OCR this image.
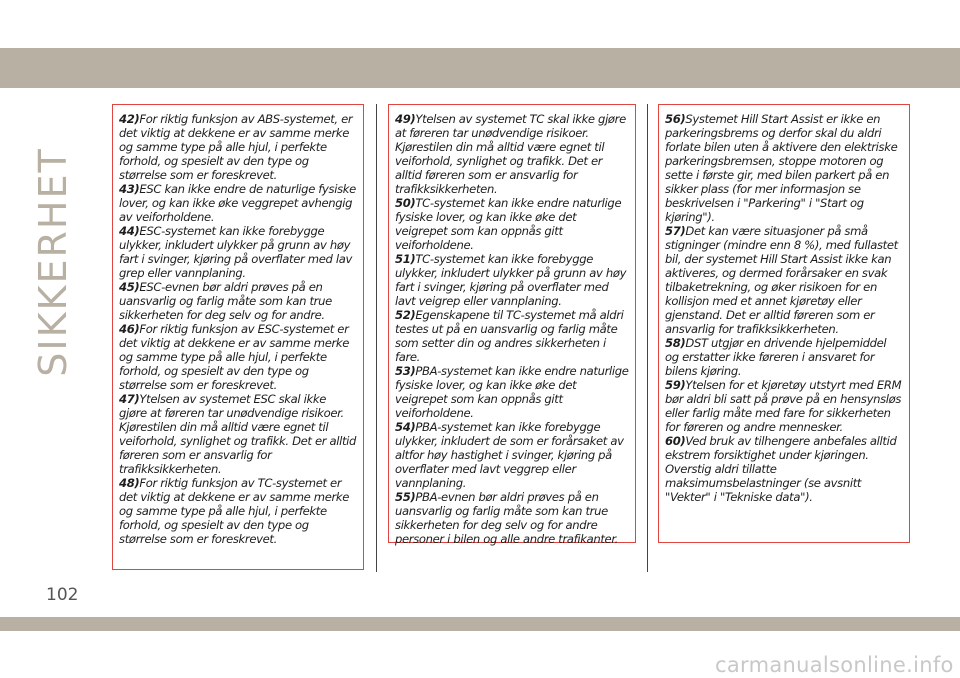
SIKKERHET

42)For riktig funksjon av ABS-systemet, er det viktig at dekkene er av samme merke og samme type på alle hjul, i perfekte forhold, og spesielt av den type og størrelse som er foreskrevet.

43)ESC kan ikke endre de naturlige fysiske lover, og kan ikke øke veggrepet avhengig av veiforholdene.

44)ESC-systemet kan ikke forebygge ulykker, inkludert ulykker på grunn av høy fart i svinger, kjøring på overflater med lav grep eller vannplaning.

45)ESC-evnen bør aldri prøves på en uansvarlig og farlig måte som kan true sikkerheten for deg selv og for andre.

46)For riktig funksjon av ESC-systemet er det viktig at dekkene er av samme merke og samme type på alle hjul, i perfekte forhold, og spesielt av den type og størrelse som er foreskrevet.

47)Ytelsen av systemet ESC skal ikke gjøre at føreren tar unødvendige risikoer. Kjørestilen din må alltid være egnet til veiforhold, synlighet og trafikk. Det er alltid føreren som er ansvarlig for trafikksikkerheten.

48)For riktig funksjon av TC-systemet er det viktig at dekkene er av samme merke og samme type på alle hjul, i perfekte forhold, og spesielt av den type og størrelse som er foreskrevet.

49)Ytelsen av systemet TC skal ikke gjøre at føreren tar unødvendige risikoer. Kjørestilen din må alltid være egnet til veiforhold, synlighet og trafikk. Det er alltid føreren som er ansvarlig for trafikksikkerheten.

50)TC-systemet kan ikke endre naturlige fysiske lover, og kan ikke øke det veigrepet som kan oppnås gitt veiforholdene.

51)TC-systemet kan ikke forebygge ulykker, inkludert ulykker på grunn av høy fart i svinger, kjøring på overflater med lavt veigrep eller vannplaning.

52)Egenskapene til TC-systemet må aldri testes ut på en uansvarlig og farlig måte som setter din og andres sikkerheten i fare.

53)PBA-systemet kan ikke endre naturlige fysiske lover, og kan ikke øke det veigrepet som kan oppnås gitt veiforholdene.

54)PBA-systemet kan ikke forebygge ulykker, inkludert de som er forårsaket av altfor høy hastighet i svinger, kjøring på overflater med lavt veggrep eller vannplaning.

55)PBA-evnen bør aldri prøves på en uansvarlig og farlig måte som kan true sikkerheten for deg selv og for andre personer i bilen og alle andre trafikanter.

56)Systemet Hill Start Assist er ikke en parkeringsbrems og derfor skal du aldri forlate bilen uten å aktivere den elektriske parkeringsbremsen, stoppe motoren og sette i første gir, med bilen parkert på en sikker plass (for mer informasjon se beskrivelsen i "Parkering" i "Start og kjøring").

57)Det kan være situasjoner på små stigninger (mindre enn 8 %), med fullastet bil, der systemet Hill Start Assist ikke kan aktiveres, og dermed forårsaker en svak tilbaketrekning, og øker risikoen for en kollisjon med et annet kjøretøy eller gjenstand. Det er alltid føreren som er ansvarlig for trafikksikkerheten.

58)DST utgjør en drivende hjelpemiddel og erstatter ikke føreren i ansvaret for bilens kjøring.

59)Ytelsen for et kjøretøy utstyrt med ERM bør aldri bli satt på prøve på en hensynsløs eller farlig måte med fare for sikkerheten for føreren og andre mennesker.

60)Ved bruk av tilhengere anbefales alltid ekstrem forsiktighet under kjøringen. Overstig aldri tillatte maksimumsbelastninger (se avsnitt "Vekter" i "Tekniske data").

102
carmanualsonline.info
